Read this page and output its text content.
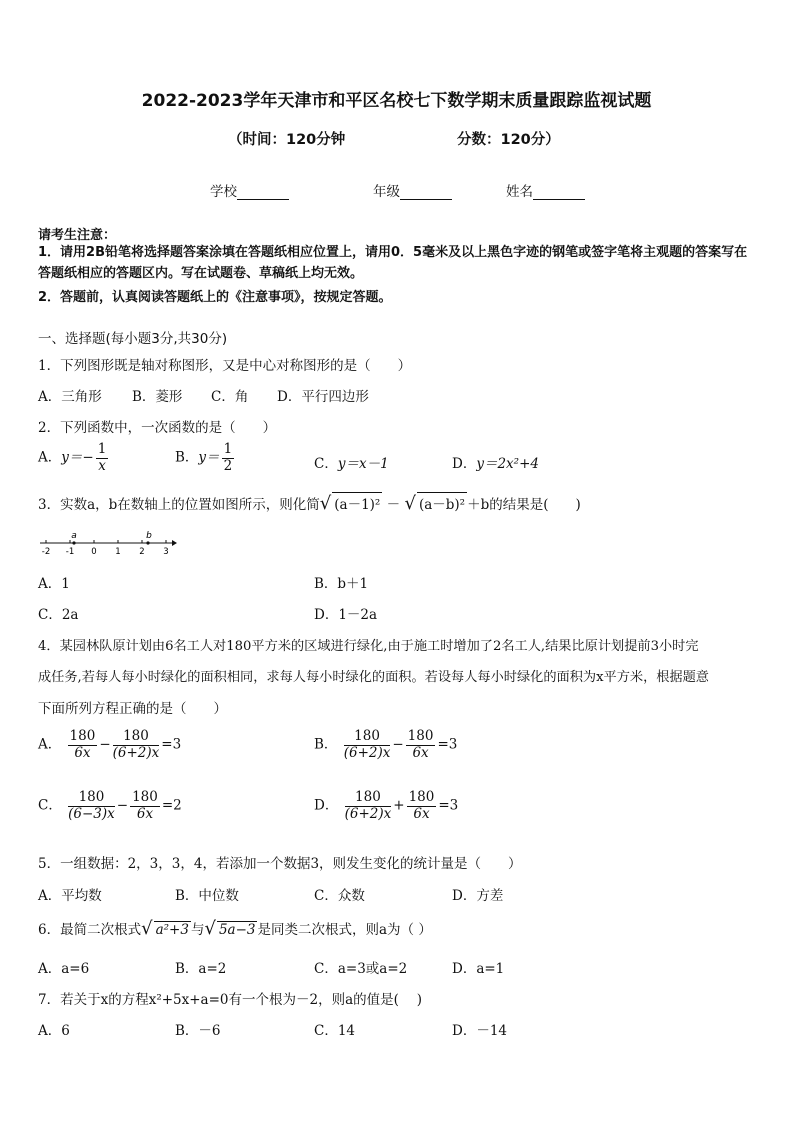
2022-2023学年天津市和平区名校七下数学期末质量跟踪监视试题
（时间：120分钟	分数：120分）
学校	年级	姓名
请考生注意：
1．请用2B铅笔将选择题答案涂填在答题纸相应位置上，请用0．5毫米及以上黑色字迹的钢笔或签字笔将主观题的答案写在答题纸相应的答题区内。写在试题卷、草稿纸上均无效。
2．答题前，认真阅读答题纸上的《注意事项》，按规定答题。
一、选择题(每小题3分,共30分)
1．下列图形既是轴对称图形，又是中心对称图形的是（　　）
A．三角形 B．菱形 C．角 D．平行四边形
2．下列函数中，一次函数的是（　　）
A．$y=- \frac{1}{x}$	B．$y= \frac{1}{2}$	C．y＝x－1	D．y＝2x²+4
3．实数a，b在数轴上的位置如图所示，则化简√ (a－1)² － √ (a－b)² ＋b的结果是(　　)
a	b
-2 -1 0 1 2 3
A．1	B．b＋1
C．2a	D．1－2a
4．某园林队原计划由6名工人对180平方米的区域进行绿化,由于施工时增加了2名工人,结果比原计划提前3小时完
成任务,若每人每小时绿化的面积相同，求每人每小时绿化的面积。若设每人每小时绿化的面积为x平方米，根据题意
下面所列方程正确的是（　　）
A． $\frac{180}{6x} - \frac{180}{(6+2)x} =3$	B． $\frac{180}{(6+2)x} - \frac{180}{6x} =3$
C． $\frac{180}{(6-3)x} - \frac{180}{6x} =2$	D． $\frac{180}{(6+2)x} + \frac{180}{6x} =3$
5．一组数据：2，3，3，4，若添加一个数据3，则发生变化的统计量是（　　）
A．平均数	B．中位数	C．众数	D．方差
6．最简二次根式√ a²+3 与√ 5a−3 是同类二次根式，则a为（ ）
A．a=6	B．a=2	C．a=3或a=2	D．a=1
7．若关于x的方程x²+5x+a=0有一个根为－2，则a的值是(　 )
A．6	B．－6	C．14	D．－14
